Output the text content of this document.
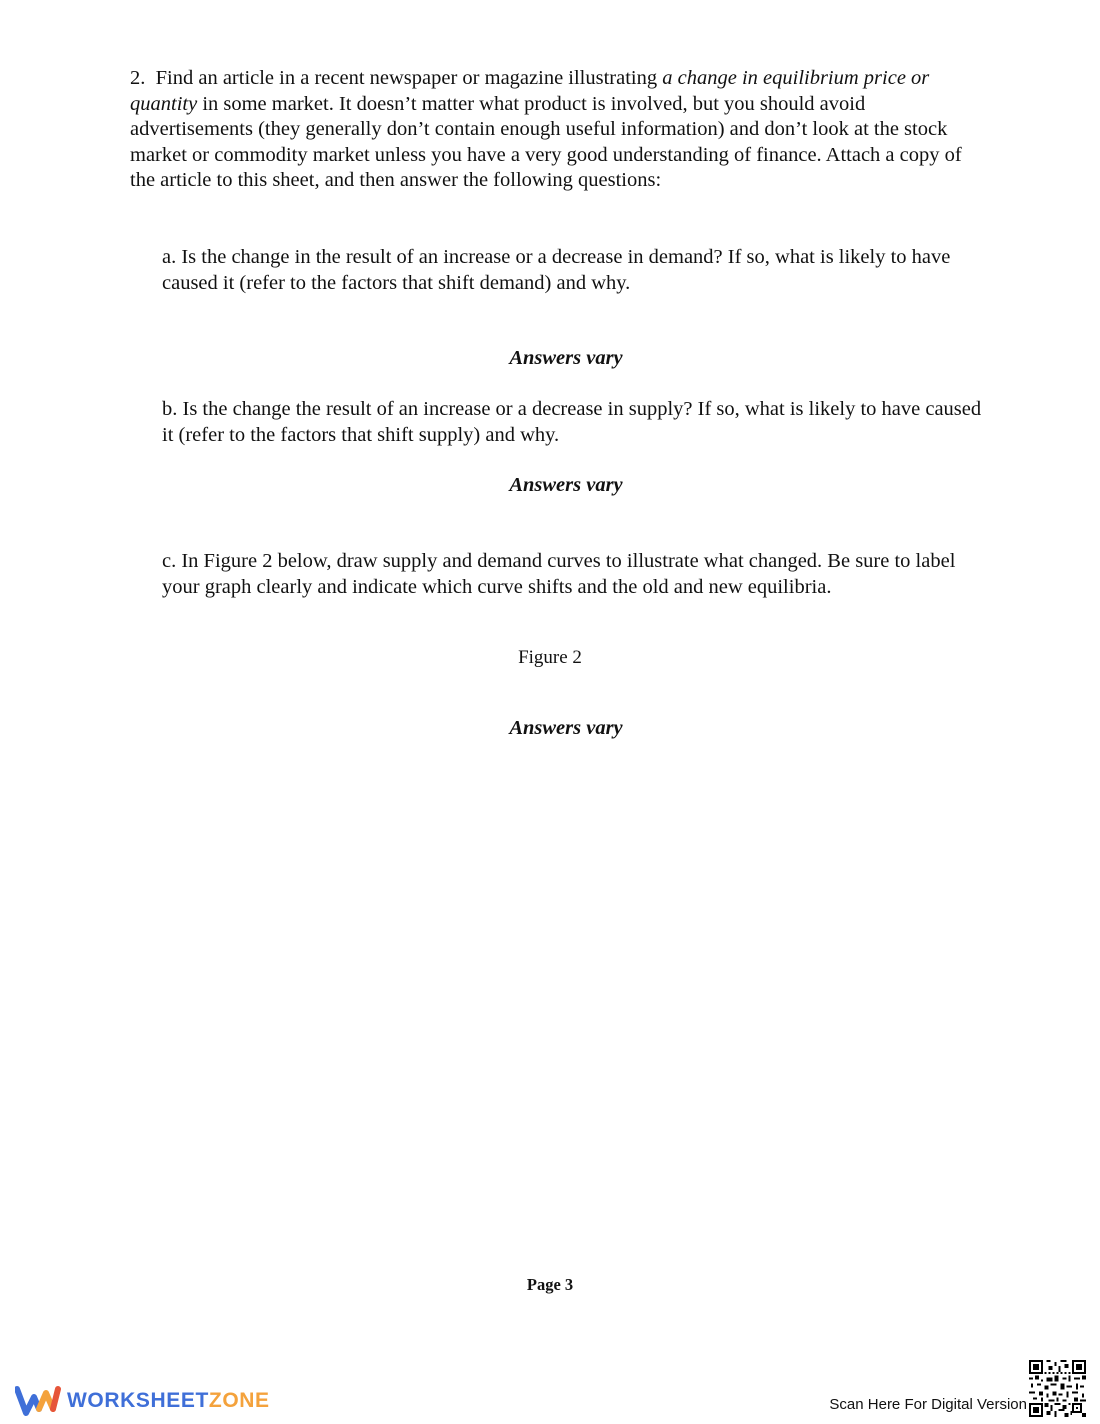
2. Find an article in a recent newspaper or magazine illustrating a change in equilibrium price or quantity in some market. It doesn’t matter what product is involved, but you should avoid advertisements (they generally don’t contain enough useful information) and don’t look at the stock market or commodity market unless you have a very good understanding of finance. Attach a copy of the article to this sheet, and then answer the following questions:

a. Is the change in the result of an increase or a decrease in demand? If so, what is likely to have caused it (refer to the factors that shift demand) and why.

Answers vary

b. Is the change the result of an increase or a decrease in supply? If so, what is likely to have caused it (refer to the factors that shift supply) and why.

Answers vary

c. In Figure 2 below, draw supply and demand curves to illustrate what changed. Be sure to label your graph clearly and indicate which curve shifts and the old and new equilibria.

Figure 2

Answers vary

Page 3
WORKSHEETZONE	Scan Here For Digital Version
